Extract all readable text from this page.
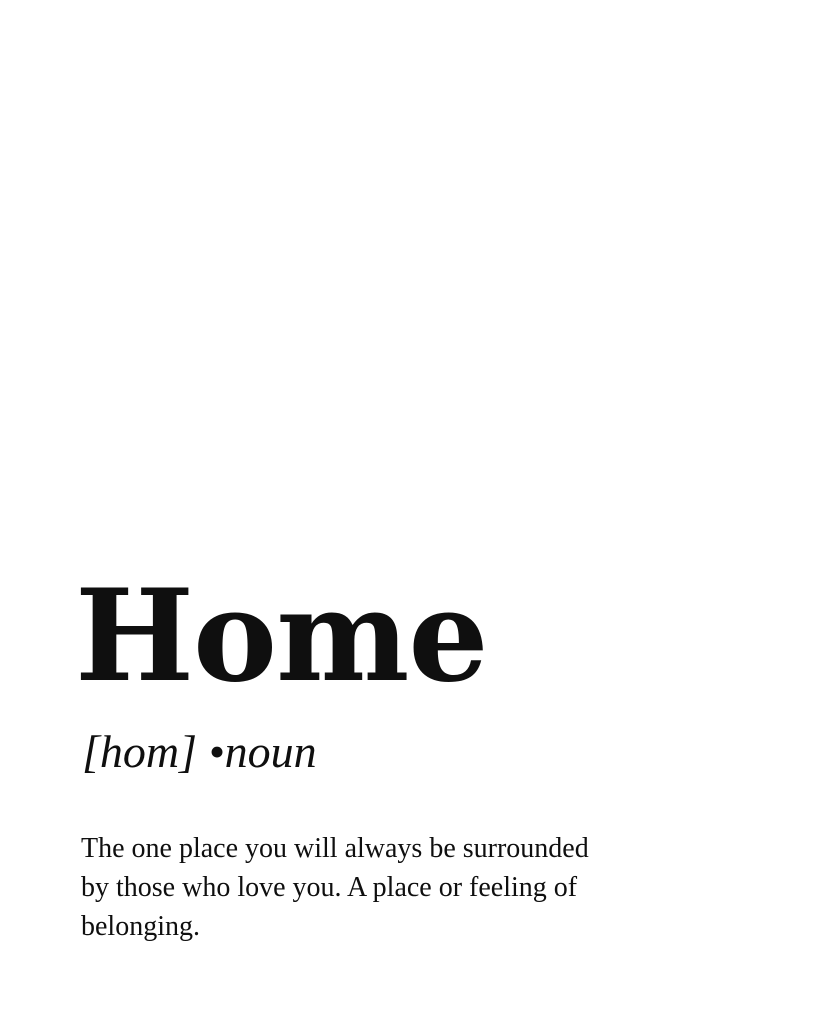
Home
[hom] •noun
The one place you will always be surrounded
by those who love you. A place or feeling of
belonging.
